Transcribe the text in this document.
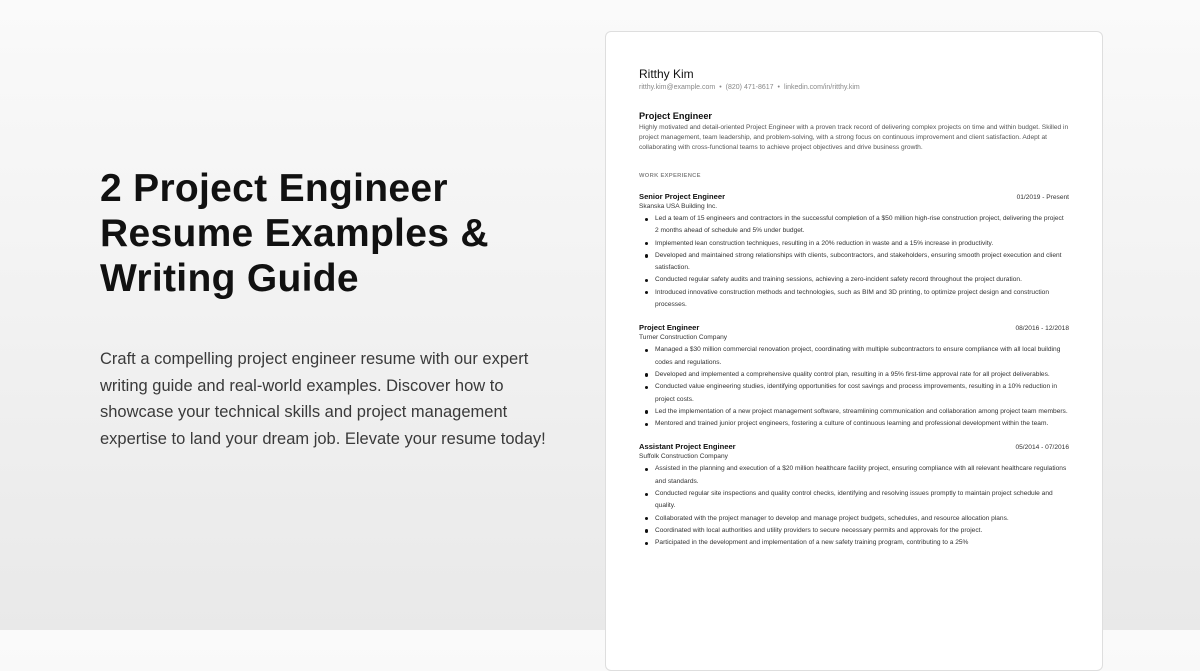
2 Project Engineer
Resume Examples &
Writing Guide

Craft a compelling project engineer resume with our expert writing guide and real-world examples. Discover how to showcase your technical skills and project management expertise to land your dream job. Elevate your resume today!

Ritthy Kim
ritthy.kim@example.com • (820) 471-8617 • linkedin.com/in/ritthy.kim
Project Engineer
Highly motivated and detail-oriented Project Engineer with a proven track record of delivering complex projects on time and within budget. Skilled in project management, team leadership, and problem-solving, with a strong focus on continuous improvement and client satisfaction. Adept at collaborating with cross-functional teams to achieve project objectives and drive business growth.
WORK EXPERIENCE
Senior Project Engineer	01/2019 - Present
Skanska USA Building Inc.
Led a team of 15 engineers and contractors in the successful completion of a $50 million high-rise construction project, delivering the project 2 months ahead of schedule and 5% under budget.
Implemented lean construction techniques, resulting in a 20% reduction in waste and a 15% increase in productivity.
Developed and maintained strong relationships with clients, subcontractors, and stakeholders, ensuring smooth project execution and client satisfaction.
Conducted regular safety audits and training sessions, achieving a zero-incident safety record throughout the project duration.
Introduced innovative construction methods and technologies, such as BIM and 3D printing, to optimize project design and construction processes.
Project Engineer	08/2016 - 12/2018
Turner Construction Company
Managed a $30 million commercial renovation project, coordinating with multiple subcontractors to ensure compliance with all local building codes and regulations.
Developed and implemented a comprehensive quality control plan, resulting in a 95% first-time approval rate for all project deliverables.
Conducted value engineering studies, identifying opportunities for cost savings and process improvements, resulting in a 10% reduction in project costs.
Led the implementation of a new project management software, streamlining communication and collaboration among project team members.
Mentored and trained junior project engineers, fostering a culture of continuous learning and professional development within the team.
Assistant Project Engineer	05/2014 - 07/2016
Suffolk Construction Company
Assisted in the planning and execution of a $20 million healthcare facility project, ensuring compliance with all relevant healthcare regulations and standards.
Conducted regular site inspections and quality control checks, identifying and resolving issues promptly to maintain project schedule and quality.
Collaborated with the project manager to develop and manage project budgets, schedules, and resource allocation plans.
Coordinated with local authorities and utility providers to secure necessary permits and approvals for the project.
Participated in the development and implementation of a new safety training program, contributing to a 25%
